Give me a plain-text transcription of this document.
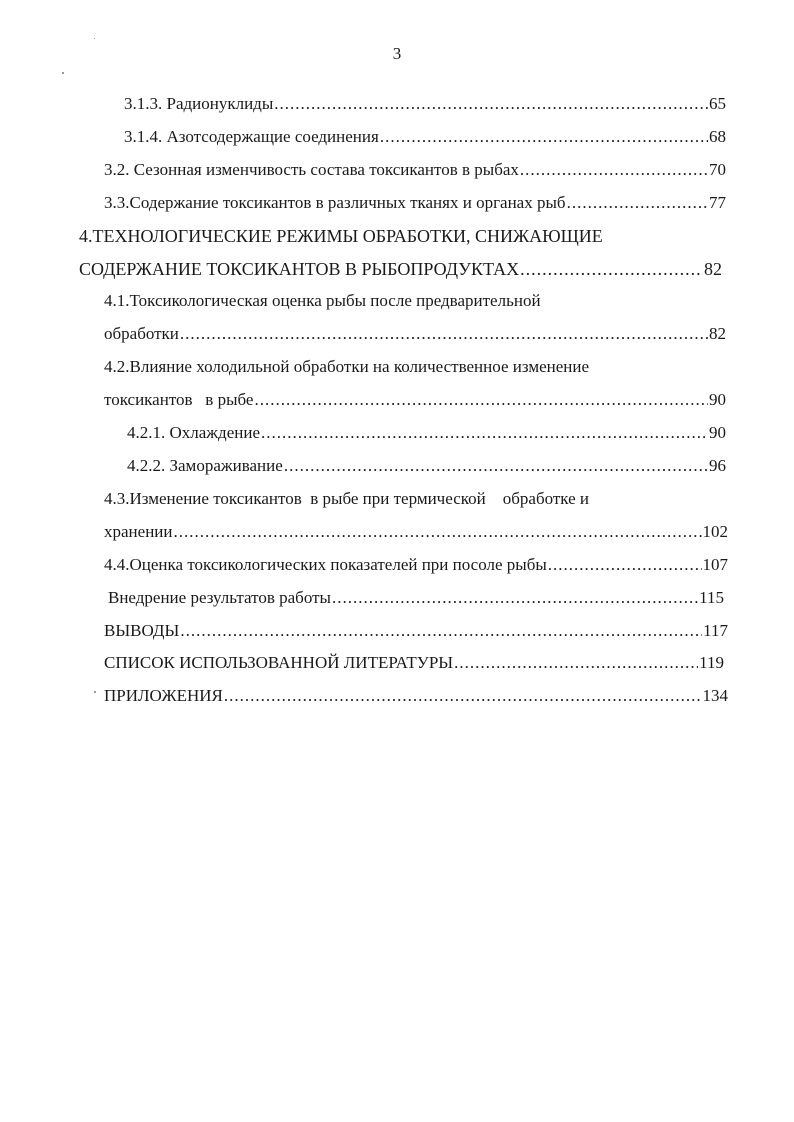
3
3.1.3. Радионуклиды .....	65
3.1.4. Азотсодержащие соединения .....	68
3.2. Сезонная изменчивость состава токсикантов в рыбах .....	70
3.3.Содержание токсикантов в различных тканях и органах рыб .....	77
4.ТЕХНОЛОГИЧЕСКИЕ РЕЖИМЫ ОБРАБОТКИ, СНИЖАЮЩИЕ
СОДЕРЖАНИЕ ТОКСИКАНТОВ В РЫБОПРОДУКТАХ .....	82
4.1.Токсикологическая оценка рыбы после предварительной
обработки .....	82
4.2.Влияние холодильной обработки на количественное изменение
токсикантов   в рыбе .....	90
4.2.1. Охлаждение .....	90
4.2.2. Замораживание .....	96
4.3.Изменение токсикантов  в рыбе при термической    обработке и
хранении .....	102
4.4.Оценка токсикологических показателей при посоле рыбы .....	107
Внедрение результатов работы .....	115
ВЫВОДЫ .....	117
СПИСОК ИСПОЛЬЗОВАННОЙ ЛИТЕРАТУРЫ .....	119
ПРИЛОЖЕНИЯ .....	134
